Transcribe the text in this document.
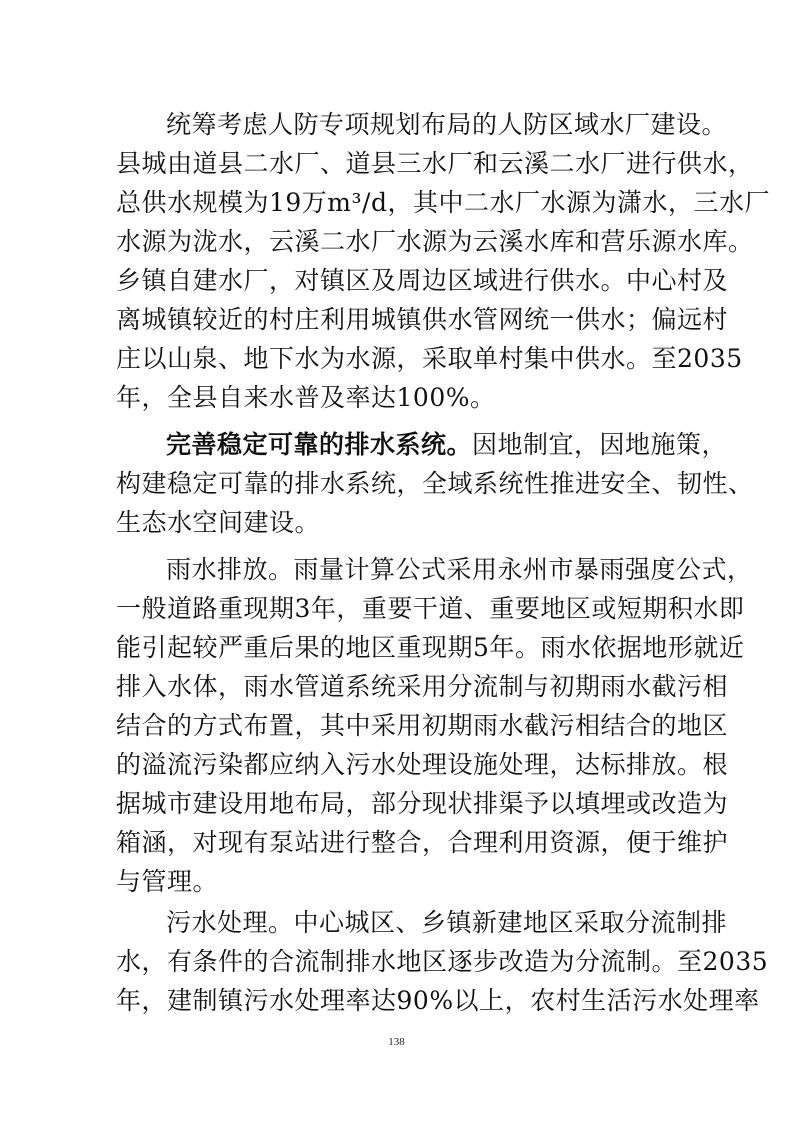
统筹考虑人防专项规划布局的人防区域水厂建设。
县城由道县二水厂、道县三水厂和云溪二水厂进行供水，
总供水规模为19万m³/d，其中二水厂水源为潇水，三水厂
水源为泷水，云溪二水厂水源为云溪水库和营乐源水库。
乡镇自建水厂，对镇区及周边区域进行供水。中心村及
离城镇较近的村庄利用城镇供水管网统一供水；偏远村
庄以山泉、地下水为水源，采取单村集中供水。至2035
年，全县自来水普及率达100%。
完善稳定可靠的排水系统。因地制宜，因地施策，
构建稳定可靠的排水系统，全域系统性推进安全、韧性、
生态水空间建设。
雨水排放。雨量计算公式采用永州市暴雨强度公式，
一般道路重现期3年，重要干道、重要地区或短期积水即
能引起较严重后果的地区重现期5年。雨水依据地形就近
排入水体，雨水管道系统采用分流制与初期雨水截污相
结合的方式布置，其中采用初期雨水截污相结合的地区
的溢流污染都应纳入污水处理设施处理，达标排放。根
据城市建设用地布局，部分现状排渠予以填埋或改造为
箱涵，对现有泵站进行整合，合理利用资源，便于维护
与管理。
污水处理。中心城区、乡镇新建地区采取分流制排
水，有条件的合流制排水地区逐步改造为分流制。至2035
年，建制镇污水处理率达90%以上，农村生活污水处理率
138
